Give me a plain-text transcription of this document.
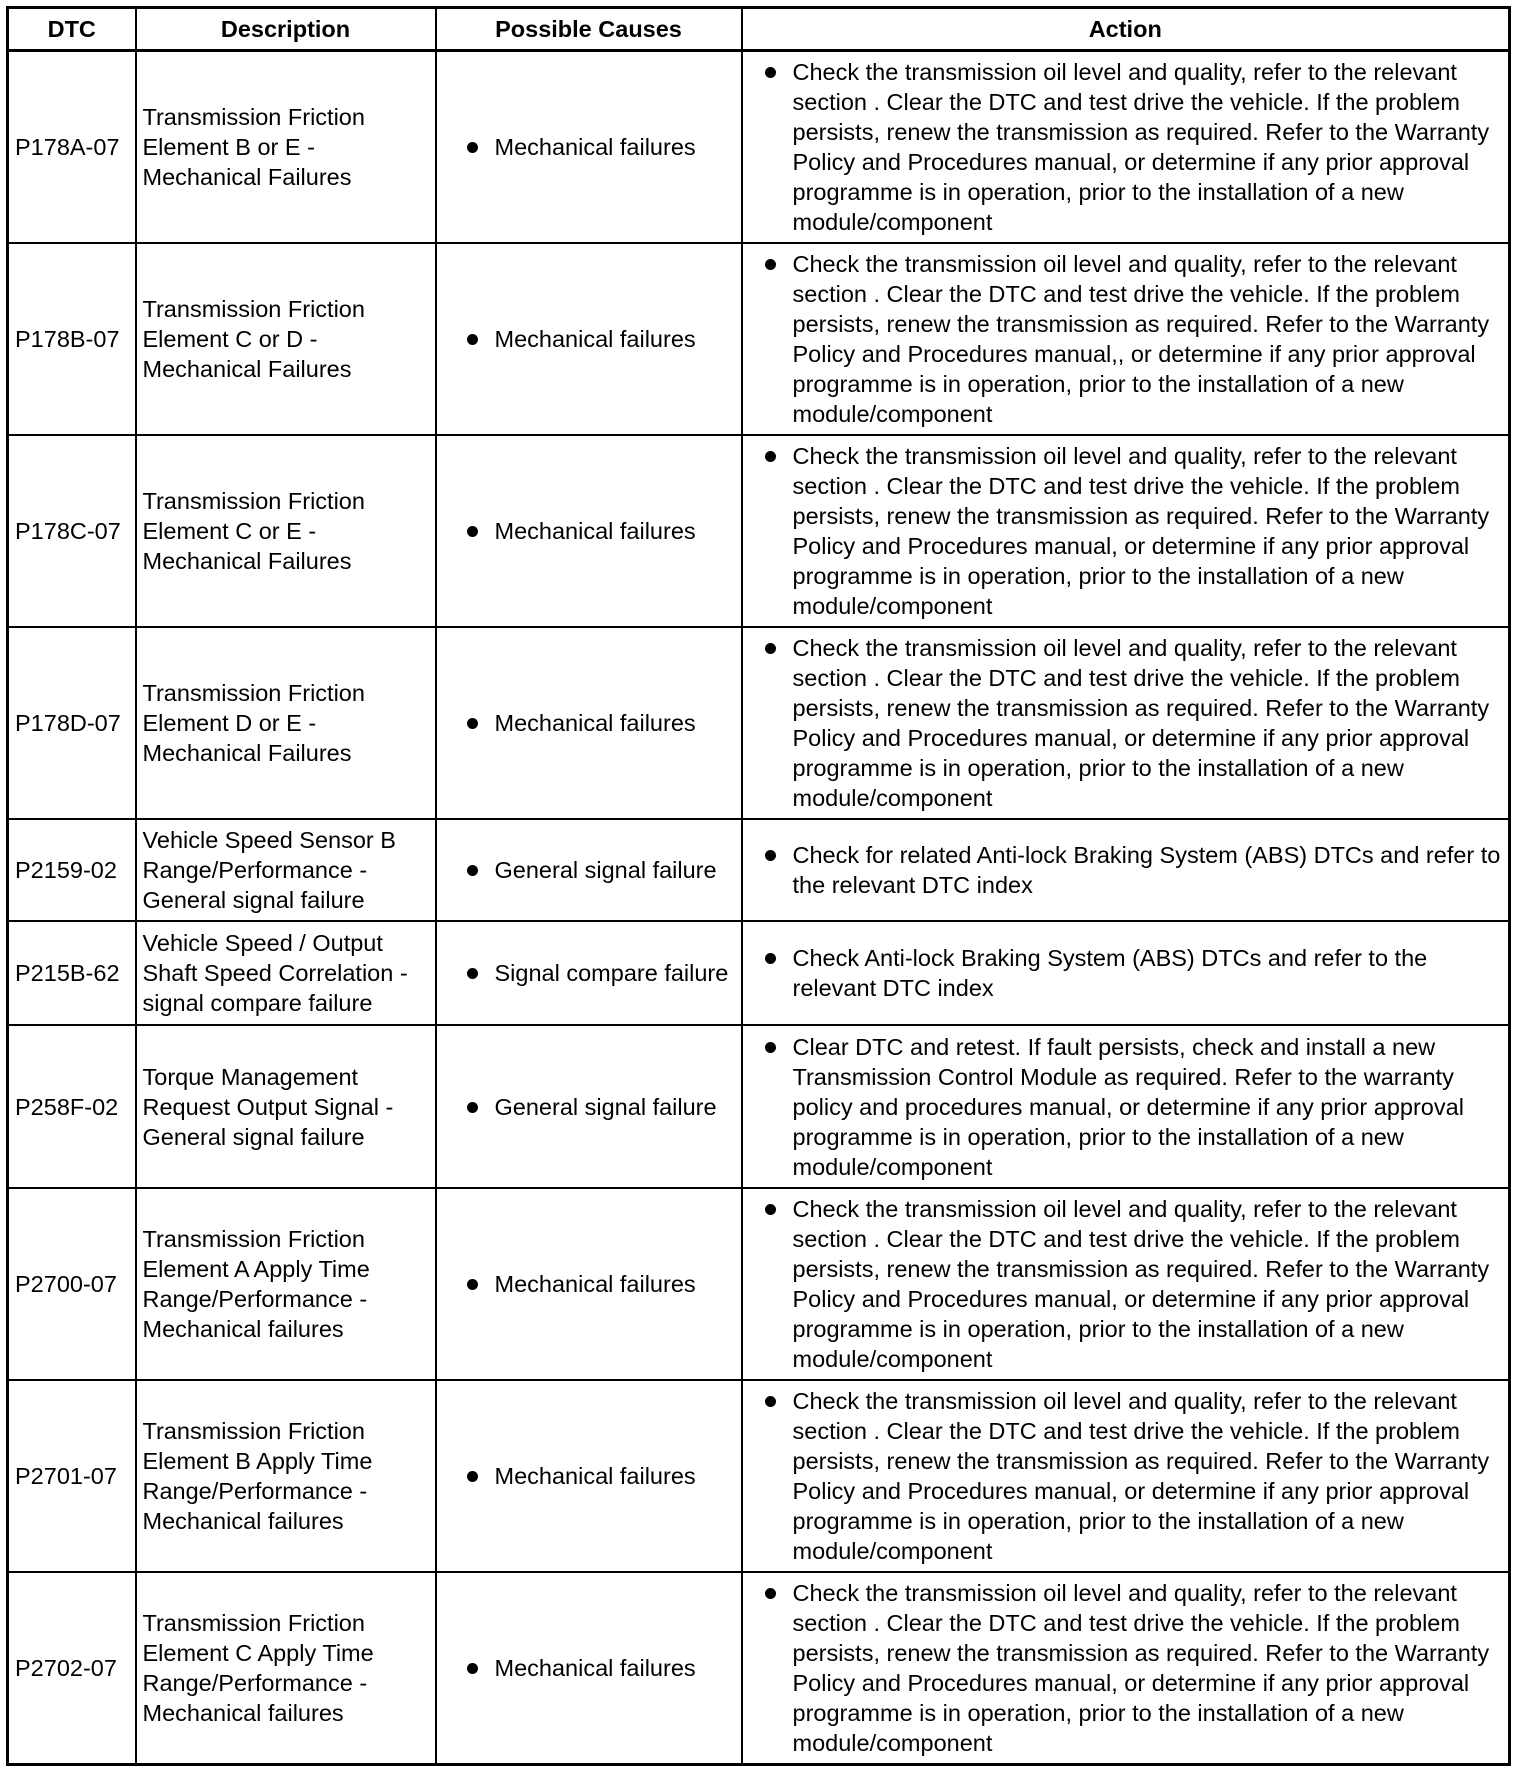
DTC	Description	Possible Causes	Action
P178A-07	Transmission Friction Element B or E - Mechanical Failures	Mechanical failures	Check the transmission oil level and quality, refer to the relevant section . Clear the DTC and test drive the vehicle. If the problem persists, renew the transmission as required. Refer to the Warranty Policy and Procedures manual, or determine if any prior approval programme is in operation, prior to the installation of a new module/component

P178B-07	Transmission Friction Element C or D - Mechanical Failures	Mechanical failures	Check the transmission oil level and quality, refer to the relevant section . Clear the DTC and test drive the vehicle. If the problem persists, renew the transmission as required. Refer to the Warranty Policy and Procedures manual,, or determine if any prior approval programme is in operation, prior to the installation of a new module/component

P178C-07	Transmission Friction Element C or E - Mechanical Failures	Mechanical failures	Check the transmission oil level and quality, refer to the relevant section . Clear the DTC and test drive the vehicle. If the problem persists, renew the transmission as required. Refer to the Warranty Policy and Procedures manual, or determine if any prior approval programme is in operation, prior to the installation of a new module/component

P178D-07	Transmission Friction Element D or E - Mechanical Failures	Mechanical failures	Check the transmission oil level and quality, refer to the relevant section . Clear the DTC and test drive the vehicle. If the problem persists, renew the transmission as required. Refer to the Warranty Policy and Procedures manual, or determine if any prior approval programme is in operation, prior to the installation of a new module/component

P2159-02	Vehicle Speed Sensor B Range/Performance - General signal failure	General signal failure	Check for related Anti-lock Braking System (ABS) DTCs and refer to the relevant DTC index

P215B-62	Vehicle Speed / Output Shaft Speed Correlation - signal compare failure	Signal compare failure	Check Anti-lock Braking System (ABS) DTCs and refer to the relevant DTC index

P258F-02	Torque Management Request Output Signal - General signal failure	General signal failure	Clear DTC and retest. If fault persists, check and install a new Transmission Control Module as required. Refer to the warranty policy and procedures manual, or determine if any prior approval programme is in operation, prior to the installation of a new module/component

P2700-07	Transmission Friction Element A Apply Time Range/Performance - Mechanical failures	Mechanical failures	Check the transmission oil level and quality, refer to the relevant section . Clear the DTC and test drive the vehicle. If the problem persists, renew the transmission as required. Refer to the Warranty Policy and Procedures manual, or determine if any prior approval programme is in operation, prior to the installation of a new module/component

P2701-07	Transmission Friction Element B Apply Time Range/Performance - Mechanical failures	Mechanical failures	Check the transmission oil level and quality, refer to the relevant section . Clear the DTC and test drive the vehicle. If the problem persists, renew the transmission as required. Refer to the Warranty Policy and Procedures manual, or determine if any prior approval programme is in operation, prior to the installation of a new module/component

P2702-07	Transmission Friction Element C Apply Time Range/Performance - Mechanical failures	Mechanical failures	Check the transmission oil level and quality, refer to the relevant section . Clear the DTC and test drive the vehicle. If the problem persists, renew the transmission as required. Refer to the Warranty Policy and Procedures manual, or determine if any prior approval programme is in operation, prior to the installation of a new module/component
